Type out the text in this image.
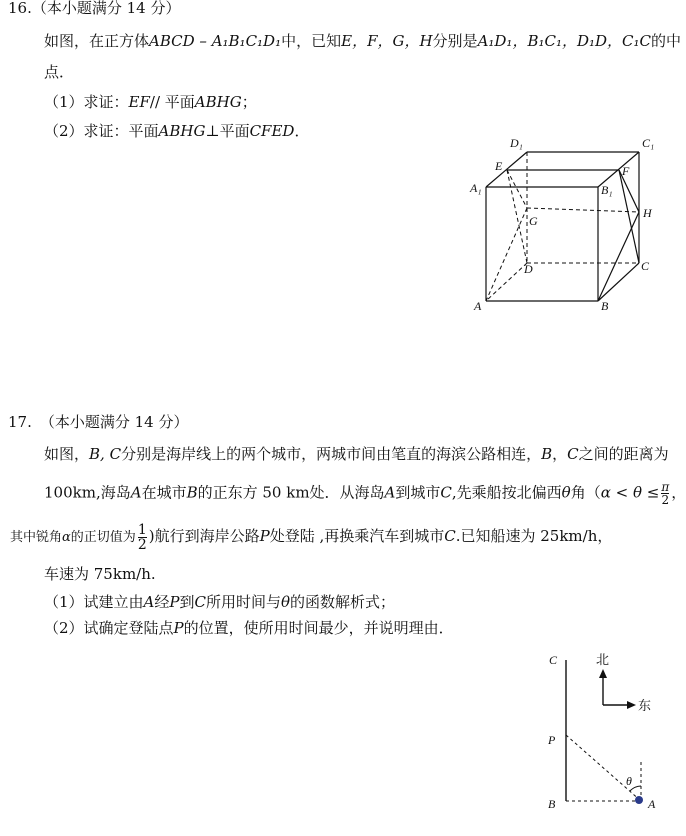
16.（本小题满分 14 分）
如图，在正方体ABCD – A₁B₁C₁D₁中，已知E，F，G，H分别是A₁D₁，B₁C₁，D₁D，C₁C的中
点．
（1）求证：EF// 平面ABHG；
（2）求证：平面ABHG⊥平面CFED．
D₁	C₁
E	F
A₁	B₁
G
H
D	C
A	B
17. （本小题满分 14 分）
如图，B, C分别是海岸线上的两个城市，两城市间由笔直的海滨公路相连，B，C之间的距离为
100km,海岛A在城市B的正东方 50 km处．从海岛A到城市C,先乘船按北偏西θ角（$\alpha < \theta \le \frac{\pi}{2}$ ，
其中锐角α的正切值为 $\frac{1}{2}$ )航行到海岸公路P处登陆 ,再换乘汽车到城市C.已知船速为 25km/h，
车速为 75km/h.
（1）试建立由A经P到C所用时间与θ的函数解析式；
（2）试确定登陆点P的位置，使所用时间最少，并说明理由．
C
P
θ
B	A
北
东
